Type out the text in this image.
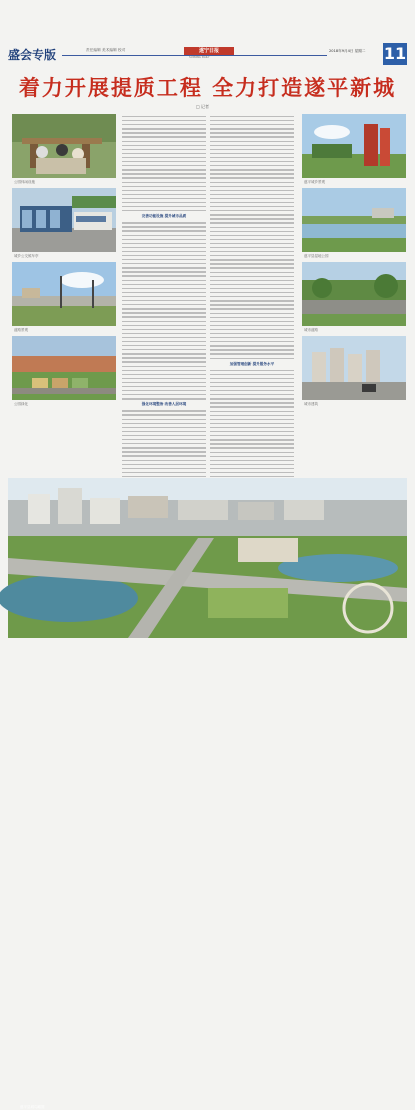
盛会专版	责任编辑 美术编辑 校对	遂宁日报
SUINING DAILY
2018年9月4日 星期二 11
着力开展提质工程 全力打造遂平新城
□ 记者
公园休闲设施
城乡公交候车亭
道路景观
公园绿化
完善功能设施 提升城市品质
强化环境整治 改善人居环境
加强管理创新 提升服务水平
遂平城乡景观
遂平县湿地公园
城市道路
城市建筑
遂平县城鸟瞰图
